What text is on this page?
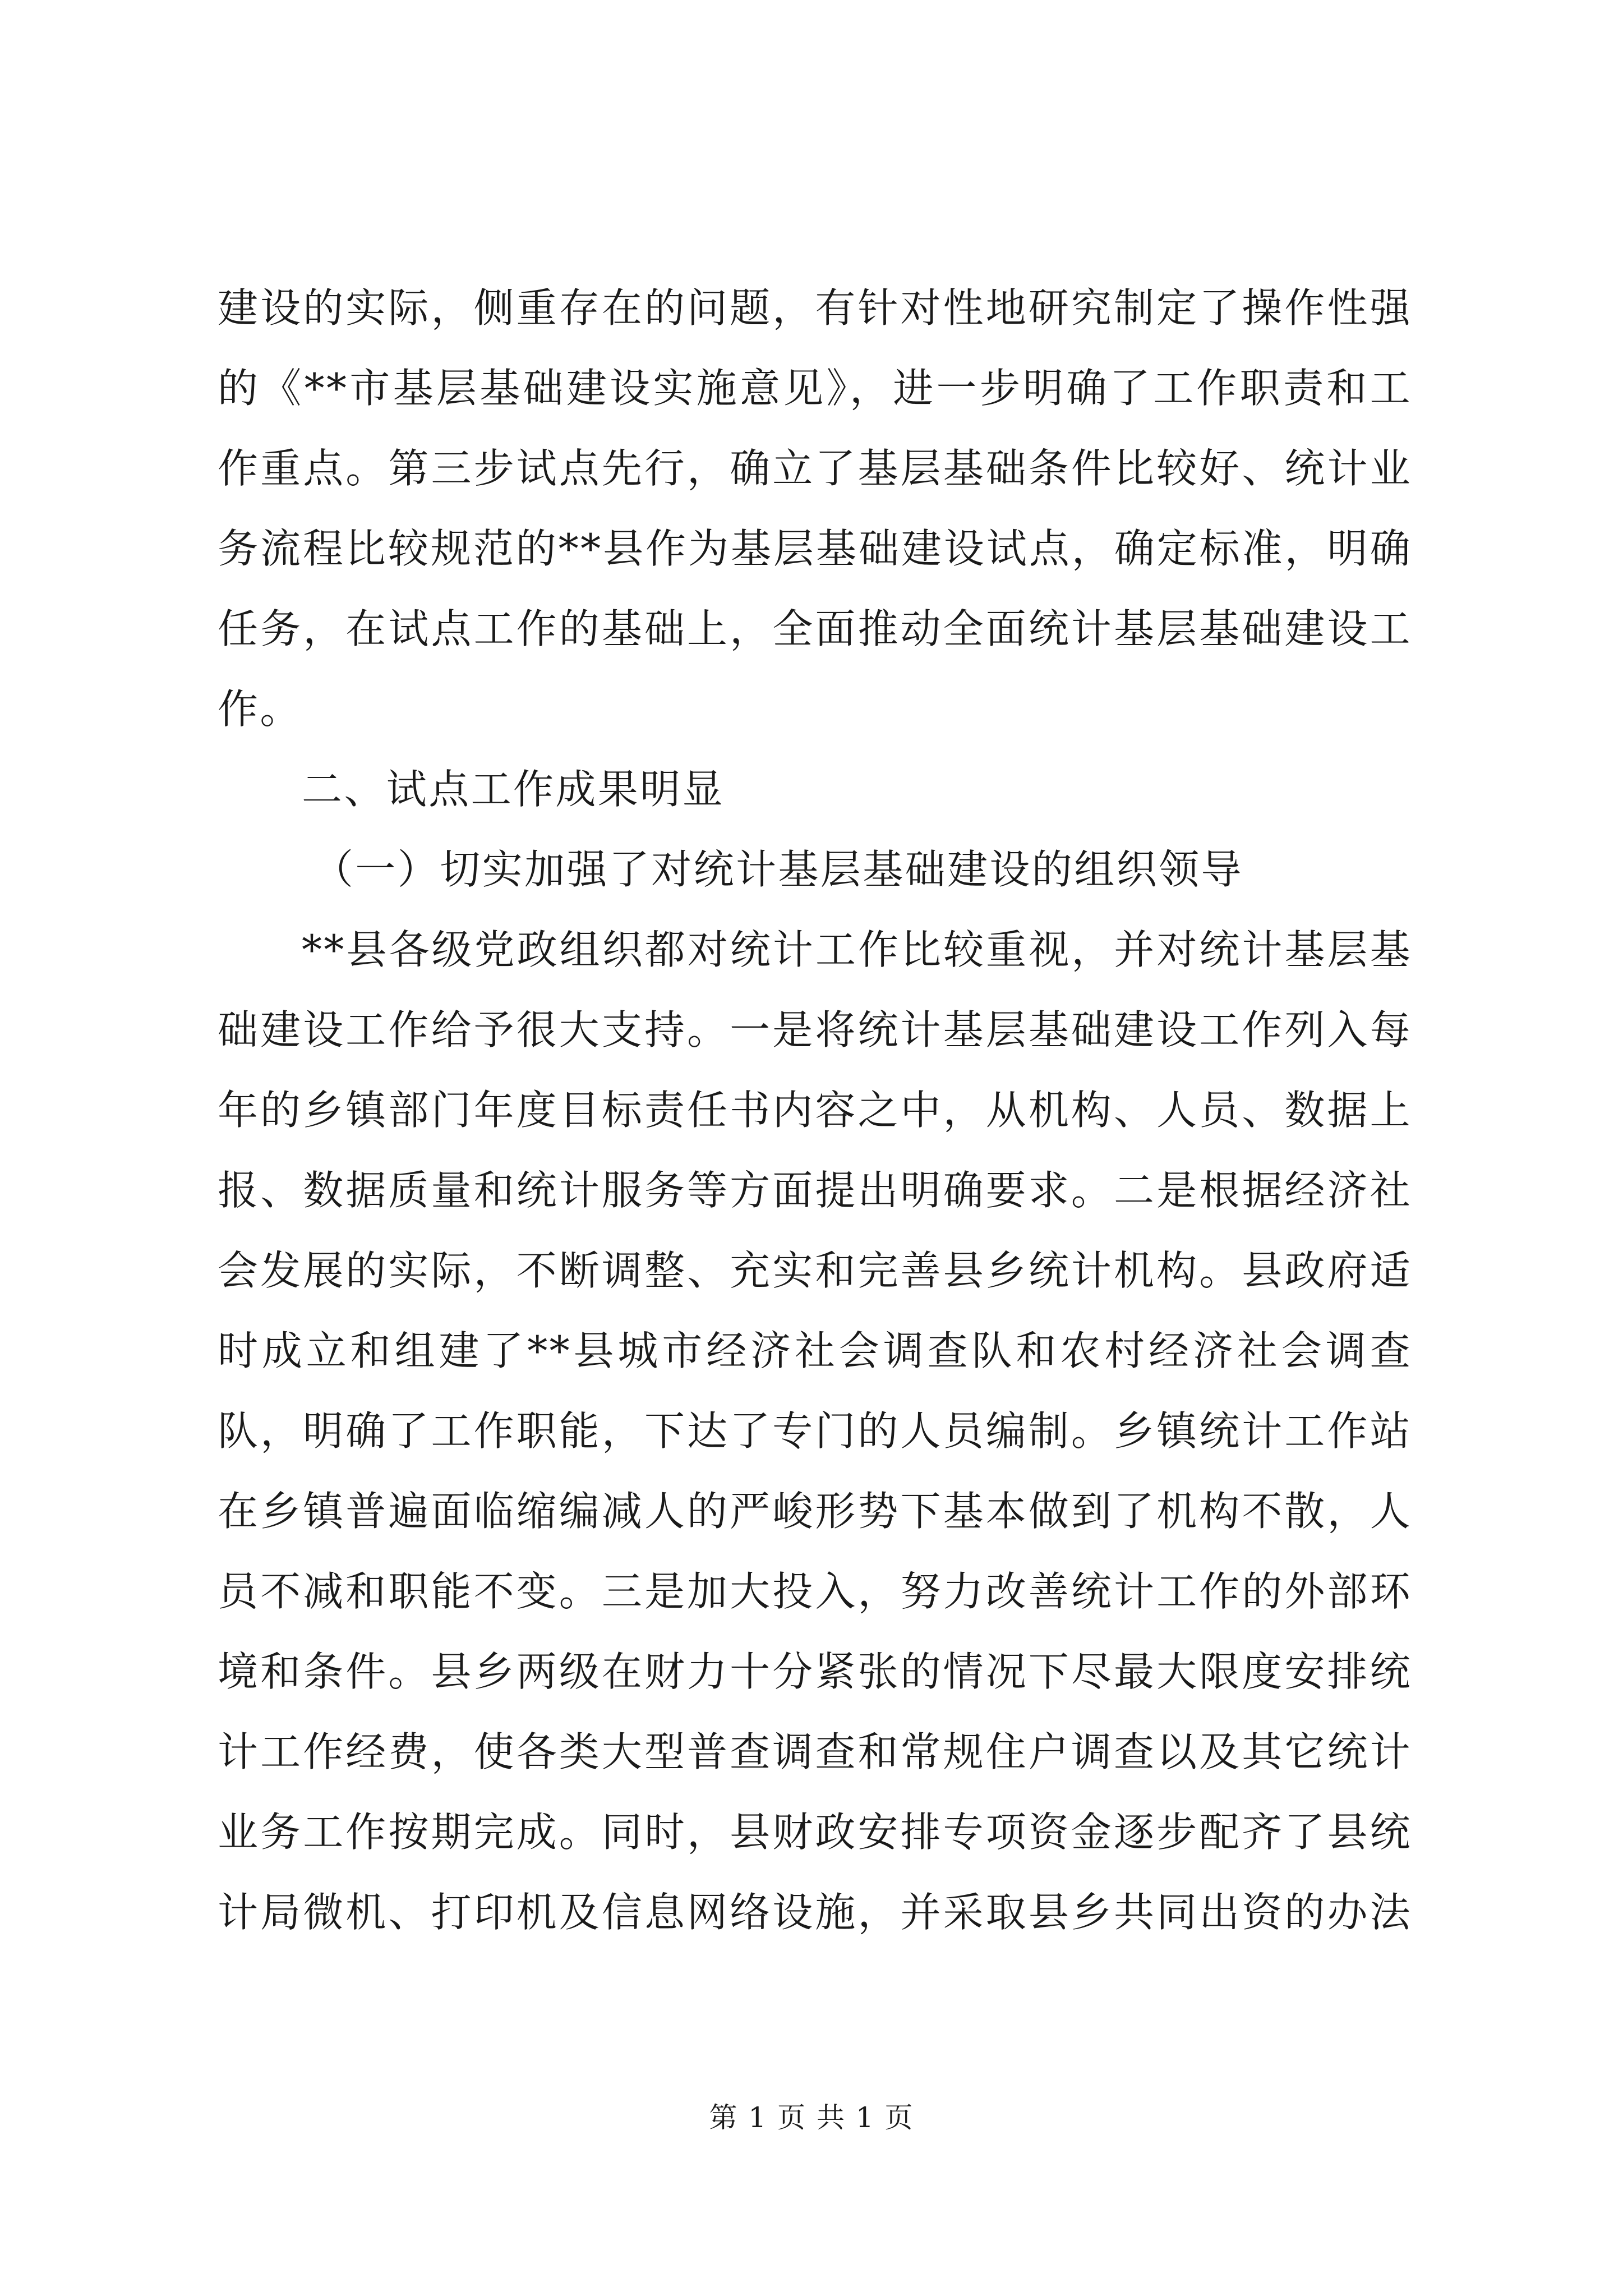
建设的实际，侧重存在的问题，有针对性地研究制定了操作性强
的《**市基层基础建设实施意见》，进一步明确了工作职责和工
作重点。第三步试点先行，确立了基层基础条件比较好、统计业
务流程比较规范的**县作为基层基础建设试点，确定标准，明确
任务，在试点工作的基础上，全面推动全面统计基层基础建设工
作。
二、试点工作成果明显
（一）切实加强了对统计基层基础建设的组织领导
**县各级党政组织都对统计工作比较重视，并对统计基层基
础建设工作给予很大支持。一是将统计基层基础建设工作列入每
年的乡镇部门年度目标责任书内容之中，从机构、人员、数据上
报、数据质量和统计服务等方面提出明确要求。二是根据经济社
会发展的实际，不断调整、充实和完善县乡统计机构。县政府适
时成立和组建了**县城市经济社会调查队和农村经济社会调查
队，明确了工作职能，下达了专门的人员编制。乡镇统计工作站
在乡镇普遍面临缩编减人的严峻形势下基本做到了机构不散，人
员不减和职能不变。三是加大投入，努力改善统计工作的外部环
境和条件。县乡两级在财力十分紧张的情况下尽最大限度安排统
计工作经费，使各类大型普查调查和常规住户调查以及其它统计
业务工作按期完成。同时，县财政安排专项资金逐步配齐了县统
计局微机、打印机及信息网络设施，并采取县乡共同出资的办法
第 1 页 共 1 页
